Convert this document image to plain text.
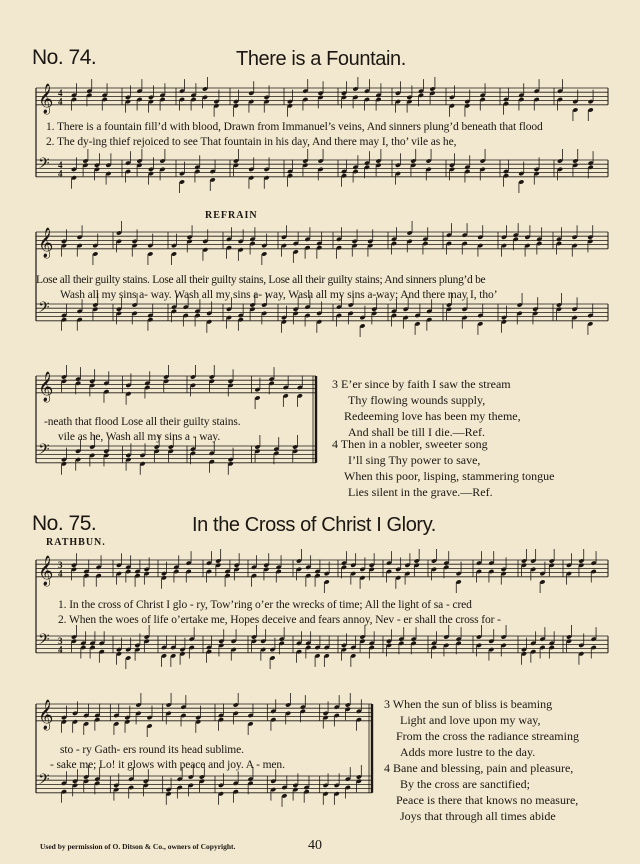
𝄞 4
4
𝄢 4
4
𝄞
𝄢
𝄞
𝄢
𝄞 3
4
𝄢 3
4
𝄞
𝄢
No. 74.	There is a Fountain.
1. There is a fountain fill’d with blood, Drawn from Immanuel’s veins, And sinners plung’d beneath that flood
2. The dy-ing thief rejoiced to see That fountain in his day, And there may I, tho’ vile as he,
REFRAIN
Lose all their guilty stains. Lose all their guilty stains, Lose all their guilty stains; And sinners plung’d be
Wash all my sins a- way. Wash all my sins a- way, Wash all my sins a-way; And there may I, tho’
-neath that flood Lose all their guilty stains.
vile as he, Wash all my sins a - way.
3 E’er since by faith I saw the stream
Thy flowing wounds supply,
Redeeming love has been my theme,
And shall be till I die.—Ref.
4 Then in a nobler, sweeter song
I’ll sing Thy power to save,
When this poor, lisping, stammering tongue
Lies silent in the grave.—Ref.
No. 75.	In the Cross of Christ I Glory.
RATHBUN.
1. In the cross of Christ I glo - ry, Tow’ring o’er the wrecks of time; All the light of sa - cred
2. When the woes of life o’ertake me, Hopes deceive and fears annoy, Nev - er shall the cross for -
sto - ry Gath- ers round its head sublime.
- sake me; Lo! it glows with peace and joy. A - men.
3 When the sun of bliss is beaming
Light and love upon my way,
From the cross the radiance streaming
Adds more lustre to the day.
4 Bane and blessing, pain and pleasure,
By the cross are sanctified;
Peace is there that knows no measure,
Joys that through all times abide
Used by permission of O. Ditson & Co., owners of Copyright.	40
